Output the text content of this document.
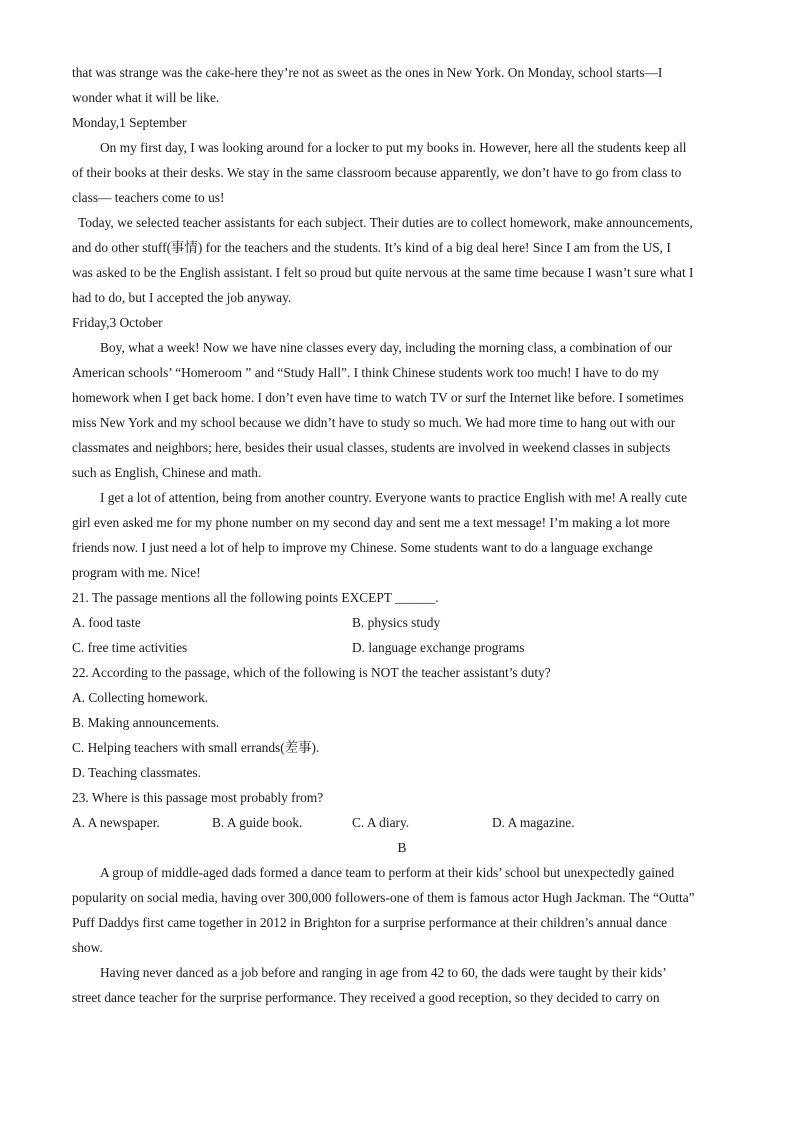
that was strange was the cake-here they’re not as sweet as the ones in New York. On Monday, school starts—I
wonder what it will be like.
Monday,1 September
On my first day, I was looking around for a locker to put my books in. However, here all the students keep all
of their books at their desks. We stay in the same classroom because apparently, we don’t have to go from class to
class— teachers come to us!
Today, we selected teacher assistants for each subject. Their duties are to collect homework, make announcements,
and do other stuff(事情) for the teachers and the students. It’s kind of a big deal here! Since I am from the US, I
was asked to be the English assistant. I felt so proud but quite nervous at the same time because I wasn’t sure what I
had to do, but I accepted the job anyway.
Friday,3 October
Boy, what a week! Now we have nine classes every day, including the morning class, a combination of our
American schools’ “Homeroom ” and “Study Hall”. I think Chinese students work too much! I have to do my
homework when I get back home. I don’t even have time to watch TV or surf the Internet like before. I sometimes
miss New York and my school because we didn’t have to study so much. We had more time to hang out with our
classmates and neighbors; here, besides their usual classes, students are involved in weekend classes in subjects
such as English, Chinese and math.
I get a lot of attention, being from another country. Everyone wants to practice English with me! A really cute
girl even asked me for my phone number on my second day and sent me a text message! I’m making a lot more
friends now. I just need a lot of help to improve my Chinese. Some students want to do a language exchange
program with me. Nice!
21. The passage mentions all the following points EXCEPT ______.
A. food taste	B. physics study
C. free time activities	D. language exchange programs
22. According to the passage, which of the following is NOT the teacher assistant’s duty?
A. Collecting homework.
B. Making announcements.
C. Helping teachers with small errands(差事).
D. Teaching classmates.
23. Where is this passage most probably from?
A. A newspaper.	B. A guide book.	C. A diary.	D. A magazine.
B
A group of middle-aged dads formed a dance team to perform at their kids’ school but unexpectedly gained
popularity on social media, having over 300,000 followers-one of them is famous actor Hugh Jackman. The “Outta”
Puff Daddys first came together in 2012 in Brighton for a surprise performance at their children’s annual dance
show.
Having never danced as a job before and ranging in age from 42 to 60, the dads were taught by their kids’
street dance teacher for the surprise performance. They received a good reception, so they decided to carry on
